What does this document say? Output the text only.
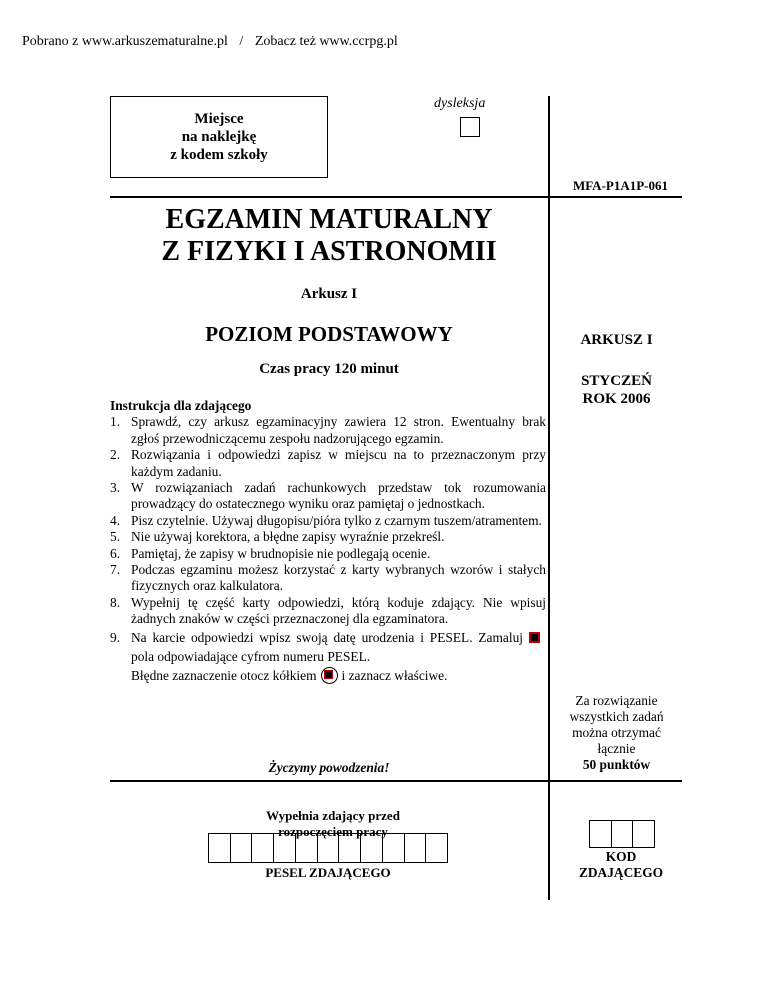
Pobrano z www.arkuszematuralne.pl / Zobacz też www.ccrpg.pl
Miejsce
na naklejkę
z kodem szkoły
dysleksja
MFA-P1A1P-061
EGZAMIN MATURALNY
Z FIZYKI I ASTRONOMII
Arkusz I
POZIOM PODSTAWOWY
Czas pracy 120 minut
ARKUSZ I
STYCZEŃ
ROK 2006
Instrukcja dla zdającego
1. Sprawdź, czy arkusz egzaminacyjny zawiera 12 stron. Ewentualny brak zgłoś przewodniczącemu zespołu nadzorującego egzamin.
2. Rozwiązania i odpowiedzi zapisz w miejscu na to przeznaczonym przy każdym zadaniu.
3. W rozwiązaniach zadań rachunkowych przedstaw tok rozumowania prowadzący do ostatecznego wyniku oraz pamiętaj o jednostkach.
4. Pisz czytelnie. Używaj długopisu/pióra tylko z czarnym tuszem/atramentem.
5. Nie używaj korektora, a błędne zapisy wyraźnie przekreśl.
6. Pamiętaj, że zapisy w brudnopisie nie podlegają ocenie.
7. Podczas egzaminu możesz korzystać z karty wybranych wzorów i stałych fizycznych oraz kalkulatora.
8. Wypełnij tę część karty odpowiedzi, którą koduje zdający. Nie wpisuj żadnych znaków w części przeznaczonej dla egzaminatora.
9. Na karcie odpowiedzi wpisz swoją datę urodzenia i PESEL. Zamalujpola odpowiadające cyfrom numeru PESEL.
Błędne zaznaczenie otocz kółkiem i zaznacz właściwe.
Życzymy powodzenia!
Za rozwiązanie
wszystkich zadań
można otrzymać
łącznie
50 punktów
Wypełnia zdający przed
rozpoczęciem pracy
PESEL ZDAJĄCEGO
KOD
ZDAJĄCEGO
